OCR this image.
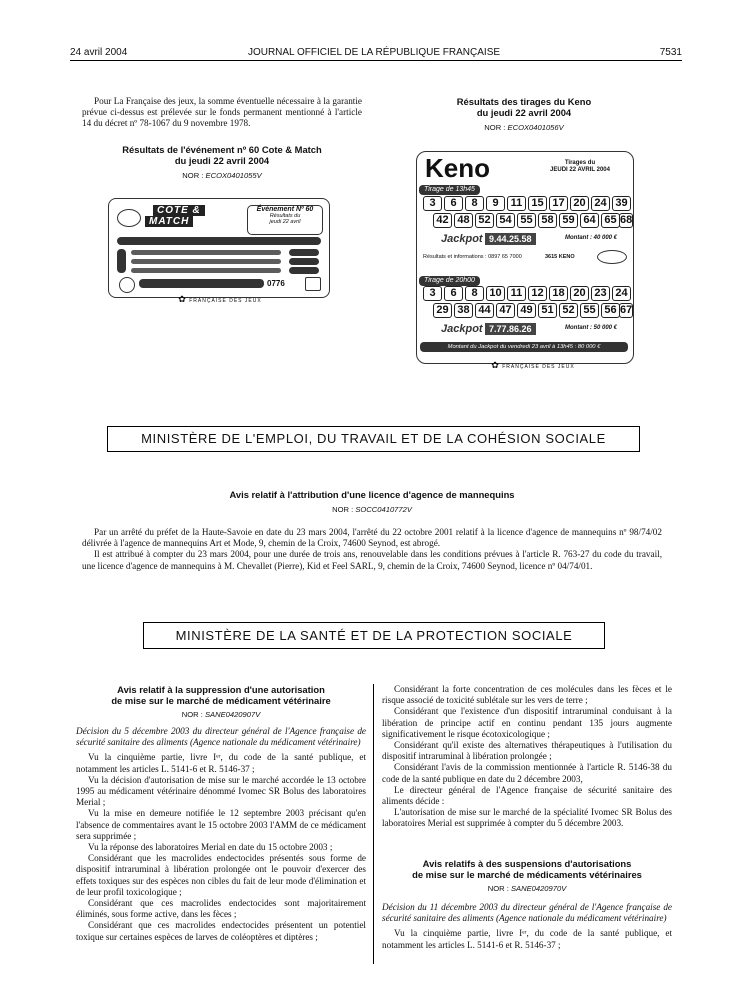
24 avril 2004	JOURNAL OFFICIEL DE LA RÉPUBLIQUE FRANÇAISE	7531

Pour La Française des jeux, la somme éventuelle nécessaire à la garantie prévue ci-dessus est prélevée sur le fonds permanent mentionné à l'article 14 du décret nº 78-1067 du 9 novembre 1978.

Résultats de l'événement nº 60 Cote & Match
du jeudi 22 avril 2004
NOR : ECOX0401055V
COTE &
MATCH
Événement Nº 60
Résultats du
jeudi 22 avril
0776
✿ FRANÇAISE DES JEUX
Résultats des tirages du Keno
du jeudi 22 avril 2004
NOR : ECOX0401056V
Keno	Tirages du
JEUDI 22 AVRIL 2004
Tirage de 13h45
3	6	8	9	11 15 17 20 24 39
42 48 52 54 55 58 59 64 65 68
Jackpot 9.44.25.58	Montant : 40 000 €
Résultats et informations : 0897 65 7000	3615 KENO
Tirage de 20h00
3	6	8	10 11 12 18 20 23 24
29 38 44 47 49 51 52 55 56 67
Jackpot 7.77.86.26	Montant : 50 000 €
Montant du Jackpot du vendredi 23 avril à 13h45 : 80 000 €
✿ FRANÇAISE DES JEUX
MINISTÈRE DE L'EMPLOI, DU TRAVAIL ET DE LA COHÉSION SOCIALE
Avis relatif à l'attribution d'une licence d'agence de mannequins
NOR : SOCC0410772V

Par un arrêté du préfet de la Haute-Savoie en date du 23 mars 2004, l'arrêté du 22 octobre 2001 relatif à la licence d'agence de mannequins nº 98/74/02 délivrée à l'agence de mannequins Art et Mode, 9, chemin de la Croix, 74600 Seynod, est abrogé.

Il est attribué à compter du 23 mars 2004, pour une durée de trois ans, renouvelable dans les conditions prévues à l'article R. 763-27 du code du travail, une licence d'agence de mannequins à M. Chevallet (Pierre), Kid et Feel SARL, 9, chemin de la Croix, 74600 Seynod, licence nº 04/74/01.

MINISTÈRE DE LA SANTÉ ET DE LA PROTECTION SOCIALE
Avis relatif à la suppression d'une autorisation
de mise sur le marché de médicament vétérinaire
NOR : SANE0420907V

Décision du 5 décembre 2003 du directeur général de l'Agence française de sécurité sanitaire des aliments (Agence nationale du médicament vétérinaire)

Vu la cinquième partie, livre Iᵉʳ, du code de la santé publique, et notamment les articles L. 5141-6 et R. 5146-37 ;

Vu la décision d'autorisation de mise sur le marché accordée le 13 octobre 1995 au médicament vétérinaire dénommé Ivomec SR Bolus des laboratoires Merial ;

Vu la mise en demeure notifiée le 12 septembre 2003 précisant qu'en l'absence de commentaires avant le 15 octobre 2003 l'AMM de ce médicament sera supprimée ;

Vu la réponse des laboratoires Merial en date du 15 octobre 2003 ;

Considérant que les macrolides endectocides présentés sous forme de dispositif intraruminal à libération prolongée ont le pouvoir d'exercer des effets toxiques sur des espèces non cibles du fait de leur mode d'élimination et de leur profil toxicologique ;

Considérant que ces macrolides endectocides sont majoritairement éliminés, sous forme active, dans les fèces ;

Considérant que ces macrolides endectocides présentent un potentiel toxique sur certaines espèces de larves de coléoptères et diptères ;

Considérant la forte concentration de ces molécules dans les fèces et le risque associé de toxicité sublétale sur les vers de terre ;

Considérant que l'existence d'un dispositif intraruminal conduisant à la libération de principe actif en continu pendant 135 jours augmente significativement le risque écotoxicologique ;

Considérant qu'il existe des alternatives thérapeutiques à l'utilisation du dispositif intraruminal à libération prolongée ;

Considérant l'avis de la commission mentionnée à l'article R. 5146-38 du code de la santé publique en date du 2 décembre 2003,

Le directeur général de l'Agence française de sécurité sanitaire des aliments décide :

L'autorisation de mise sur le marché de la spécialité Ivomec SR Bolus des laboratoires Merial est supprimée à compter du 5 décembre 2003.

Avis relatifs à des suspensions d'autorisations
de mise sur le marché de médicaments vétérinaires
NOR : SANE0420970V

Décision du 11 décembre 2003 du directeur général de l'Agence française de sécurité sanitaire des aliments (Agence nationale du médicament vétérinaire)

Vu la cinquième partie, livre Iᵉʳ, du code de la santé publique, et notamment les articles L. 5141-6 et R. 5146-37 ;
